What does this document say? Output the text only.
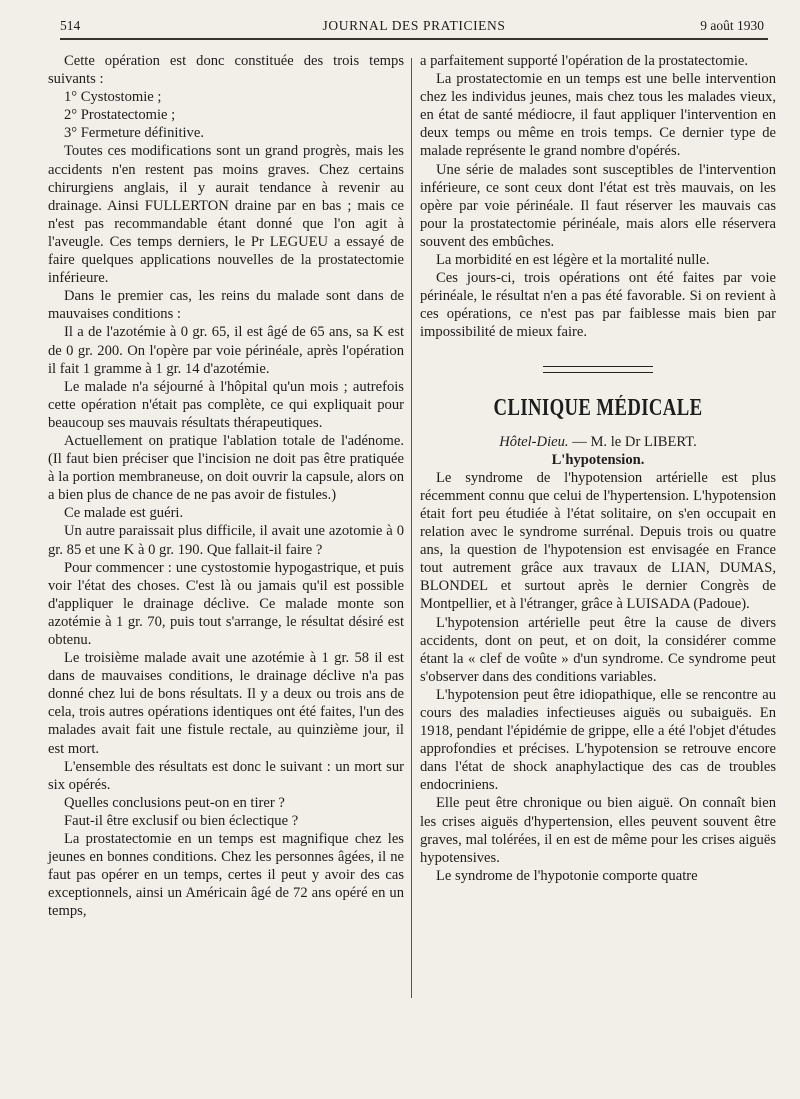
514	JOURNAL DES PRATICIENS	9 août 1930

Cette opération est donc constituée des trois temps suivants :

1° Cystostomie ;

2° Prostatectomie ;

3° Fermeture définitive.

Toutes ces modifications sont un grand progrès, mais les accidents n'en restent pas moins graves. Chez certains chirurgiens anglais, il y aurait tendance à revenir au drainage. Ainsi FULLERTON draine par en bas ; mais ce n'est pas recommandable étant donné que l'on agit à l'aveugle. Ces temps derniers, le Pr LEGUEU a essayé de faire quelques applications nouvelles de la prostatectomie inférieure.

Dans le premier cas, les reins du malade sont dans de mauvaises conditions :

Il a de l'azotémie à 0 gr. 65, il est âgé de 65 ans, sa K est de 0 gr. 200. On l'opère par voie périnéale, après l'opération il fait 1 gramme à 1 gr. 14 d'azotémie.

Le malade n'a séjourné à l'hôpital qu'un mois ; autrefois cette opération n'était pas complète, ce qui expliquait pour beaucoup ses mauvais résultats thérapeutiques.

Actuellement on pratique l'ablation totale de l'adénome. (Il faut bien préciser que l'incision ne doit pas être pratiquée à la portion membraneuse, on doit ouvrir la capsule, alors on a bien plus de chance de ne pas avoir de fistules.)

Ce malade est guéri.

Un autre paraissait plus difficile, il avait une azotomie à 0 gr. 85 et une K à 0 gr. 190. Que fallait-il faire ?

Pour commencer : une cystostomie hypogastrique, et puis voir l'état des choses. C'est là ou jamais qu'il est possible d'appliquer le drainage déclive. Ce malade monte son azotémie à 1 gr. 70, puis tout s'arrange, le résultat désiré est obtenu.

Le troisième malade avait une azotémie à 1 gr. 58 il est dans de mauvaises conditions, le drainage déclive n'a pas donné chez lui de bons résultats. Il y a deux ou trois ans de cela, trois autres opérations identiques ont été faites, l'un des malades avait fait une fistule rectale, au quinzième jour, il est mort.

L'ensemble des résultats est donc le suivant : un mort sur six opérés.

Quelles conclusions peut-on en tirer ?

Faut-il être exclusif ou bien éclectique ?

La prostatectomie en un temps est magnifique chez les jeunes en bonnes conditions. Chez les personnes âgées, il ne faut pas opérer en un temps, certes il peut y avoir des cas exceptionnels, ainsi un Américain âgé de 72 ans opéré en un temps,

a parfaitement supporté l'opération de la prostatectomie.

La prostatectomie en un temps est une belle intervention chez les individus jeunes, mais chez tous les malades vieux, en état de santé médiocre, il faut appliquer l'intervention en deux temps ou même en trois temps. Ce dernier type de malade représente le grand nombre d'opérés.

Une série de malades sont susceptibles de l'intervention inférieure, ce sont ceux dont l'état est très mauvais, on les opère par voie périnéale. Il faut réserver les mauvais cas pour la prostatectomie périnéale, mais alors elle réservera souvent des embûches.

La morbidité en est légère et la mortalité nulle.

Ces jours-ci, trois opérations ont été faites par voie périnéale, le résultat n'en a pas été favorable. Si on revient à ces opérations, ce n'est pas par faiblesse mais bien par impossibilité de mieux faire.

CLINIQUE MÉDICALE

Hôtel-Dieu. — M. le Dr LIBERT.

L'hypotension.

Le syndrome de l'hypotension artérielle est plus récemment connu que celui de l'hypertension. L'hypotension était fort peu étudiée à l'état solitaire, on s'en occupait en relation avec le syndrome surrénal. Depuis trois ou quatre ans, la question de l'hypotension est envisagée en France tout autrement grâce aux travaux de LIAN, DUMAS, BLONDEL et surtout après le dernier Congrès de Montpellier, et à l'étranger, grâce à LUISADA (Padoue).

L'hypotension artérielle peut être la cause de divers accidents, dont on peut, et on doit, la considérer comme étant la « clef de voûte » d'un syndrome. Ce syndrome peut s'observer dans des conditions variables.

L'hypotension peut être idiopathique, elle se rencontre au cours des maladies infectieuses aiguës ou subaiguës. En 1918, pendant l'épidémie de grippe, elle a été l'objet d'études approfondies et précises. L'hypotension se retrouve encore dans l'état de shock anaphylactique des cas de troubles endocriniens.

Elle peut être chronique ou bien aiguë. On connaît bien les crises aiguës d'hypertension, elles peuvent souvent être graves, mal tolérées, il en est de même pour les crises aiguës hypotensives.

Le syndrome de l'hypotonie comporte quatre
